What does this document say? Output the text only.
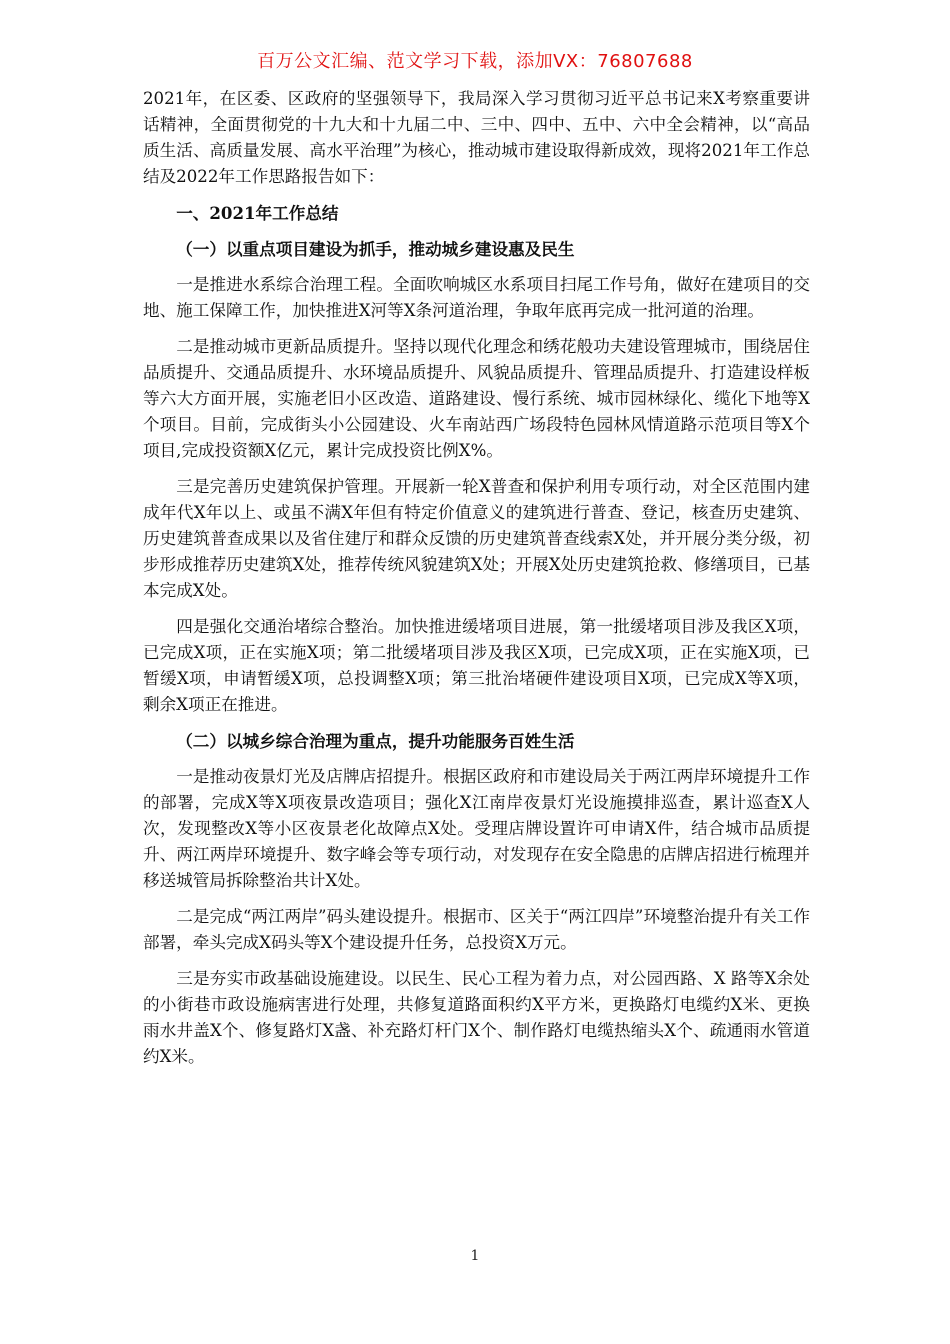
百万公文汇编、范文学习下载，添加VX：76807688

2021年，在区委、区政府的坚强领导下，我局深入学习贯彻习近平总书记来X考察重要讲话精神，全面贯彻党的十九大和十九届二中、三中、四中、五中、六中全会精神，以“高品质生活、高质量发展、高水平治理”为核心，推动城市建设取得新成效，现将2021年工作总结及2022年工作思路报告如下：

一、2021年工作总结

（一）以重点项目建设为抓手，推动城乡建设惠及民生

一是推进水系综合治理工程。全面吹响城区水系项目扫尾工作号角，做好在建项目的交地、施工保障工作，加快推进X河等X条河道治理，争取年底再完成一批河道的治理。

二是推动城市更新品质提升。坚持以现代化理念和绣花般功夫建设管理城市，围绕居住品质提升、交通品质提升、水环境品质提升、风貌品质提升、管理品质提升、打造建设样板等六大方面开展，实施老旧小区改造、道路建设、慢行系统、城市园林绿化、缆化下地等X个项目。目前，完成街头小公园建设、火车南站西广场段特色园林风情道路示范项目等X个项目,完成投资额X亿元，累计完成投资比例X%。

三是完善历史建筑保护管理。开展新一轮X普查和保护利用专项行动，对全区范围内建成年代X年以上、或虽不满X年但有特定价值意义的建筑进行普查、登记，核查历史建筑、历史建筑普查成果以及省住建厅和群众反馈的历史建筑普查线索X处，并开展分类分级，初步形成推荐历史建筑X处，推荐传统风貌建筑X处；开展X处历史建筑抢救、修缮项目，已基本完成X处。

四是强化交通治堵综合整治。加快推进缓堵项目进展，第一批缓堵项目涉及我区X项，已完成X项，正在实施X项；第二批缓堵项目涉及我区X项，已完成X项，正在实施X项，已暂缓X项，申请暂缓X项，总投调整X项；第三批治堵硬件建设项目X项，已完成X等X项，剩余X项正在推进。

（二）以城乡综合治理为重点，提升功能服务百姓生活

一是推动夜景灯光及店牌店招提升。根据区政府和市建设局关于两江两岸环境提升工作的部署，完成X等X项夜景改造项目；强化X江南岸夜景灯光设施摸排巡查，累计巡查X人次，发现整改X等小区夜景老化故障点X处。受理店牌设置许可申请X件，结合城市品质提升、两江两岸环境提升、数字峰会等专项行动，对发现存在安全隐患的店牌店招进行梳理并移送城管局拆除整治共计X处。

二是完成“两江两岸”码头建设提升。根据市、区关于“两江四岸”环境整治提升有关工作部署，牵头完成X码头等X个建设提升任务，总投资X万元。

三是夯实市政基础设施建设。以民生、民心工程为着力点，对公园西路、X 路等X余处的小街巷市政设施病害进行处理，共修复道路面积约X平方米，更换路灯电缆约X米、更换雨水井盖X个、修复路灯X盏、补充路灯杆门X个、制作路灯电缆热缩头X个、疏通雨水管道约X米。

1
